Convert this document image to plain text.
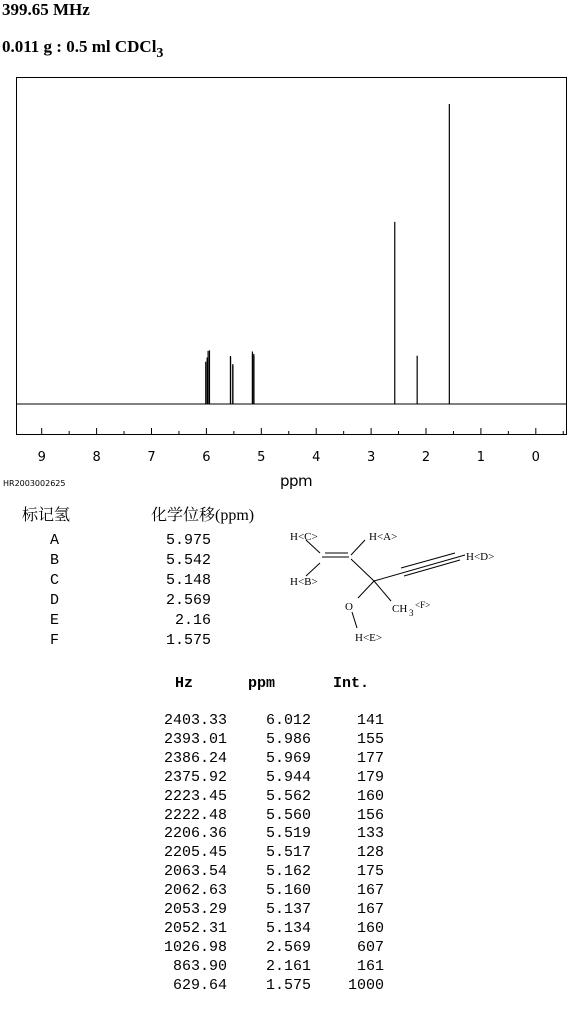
399.65 MHz
0.011 g : 0.5 ml CDCl$_3$
9	8	7	6	5	4	3	2	1	0
HR2003002625	ppm
标记氢	化学位移(ppm)
A	5.975
B	5.542
C	5.148
D	2.569
E	2.16
F	1.575
H<C>	H<A>
H<B>
H<D>
O	CH 3
<F>
H<E>
Hz	ppm	Int.
2403.33	6.012	141
2393.01	5.986	155
2386.24	5.969	177
2375.92	5.944	179
2223.45	5.562	160
2222.48	5.560	156
2206.36	5.519	133
2205.45	5.517	128
2063.54	5.162	175
2062.63	5.160	167
2053.29	5.137	167
2052.31	5.134	160
1026.98	2.569	607
863.90	2.161	161
629.64	1.575 1000
